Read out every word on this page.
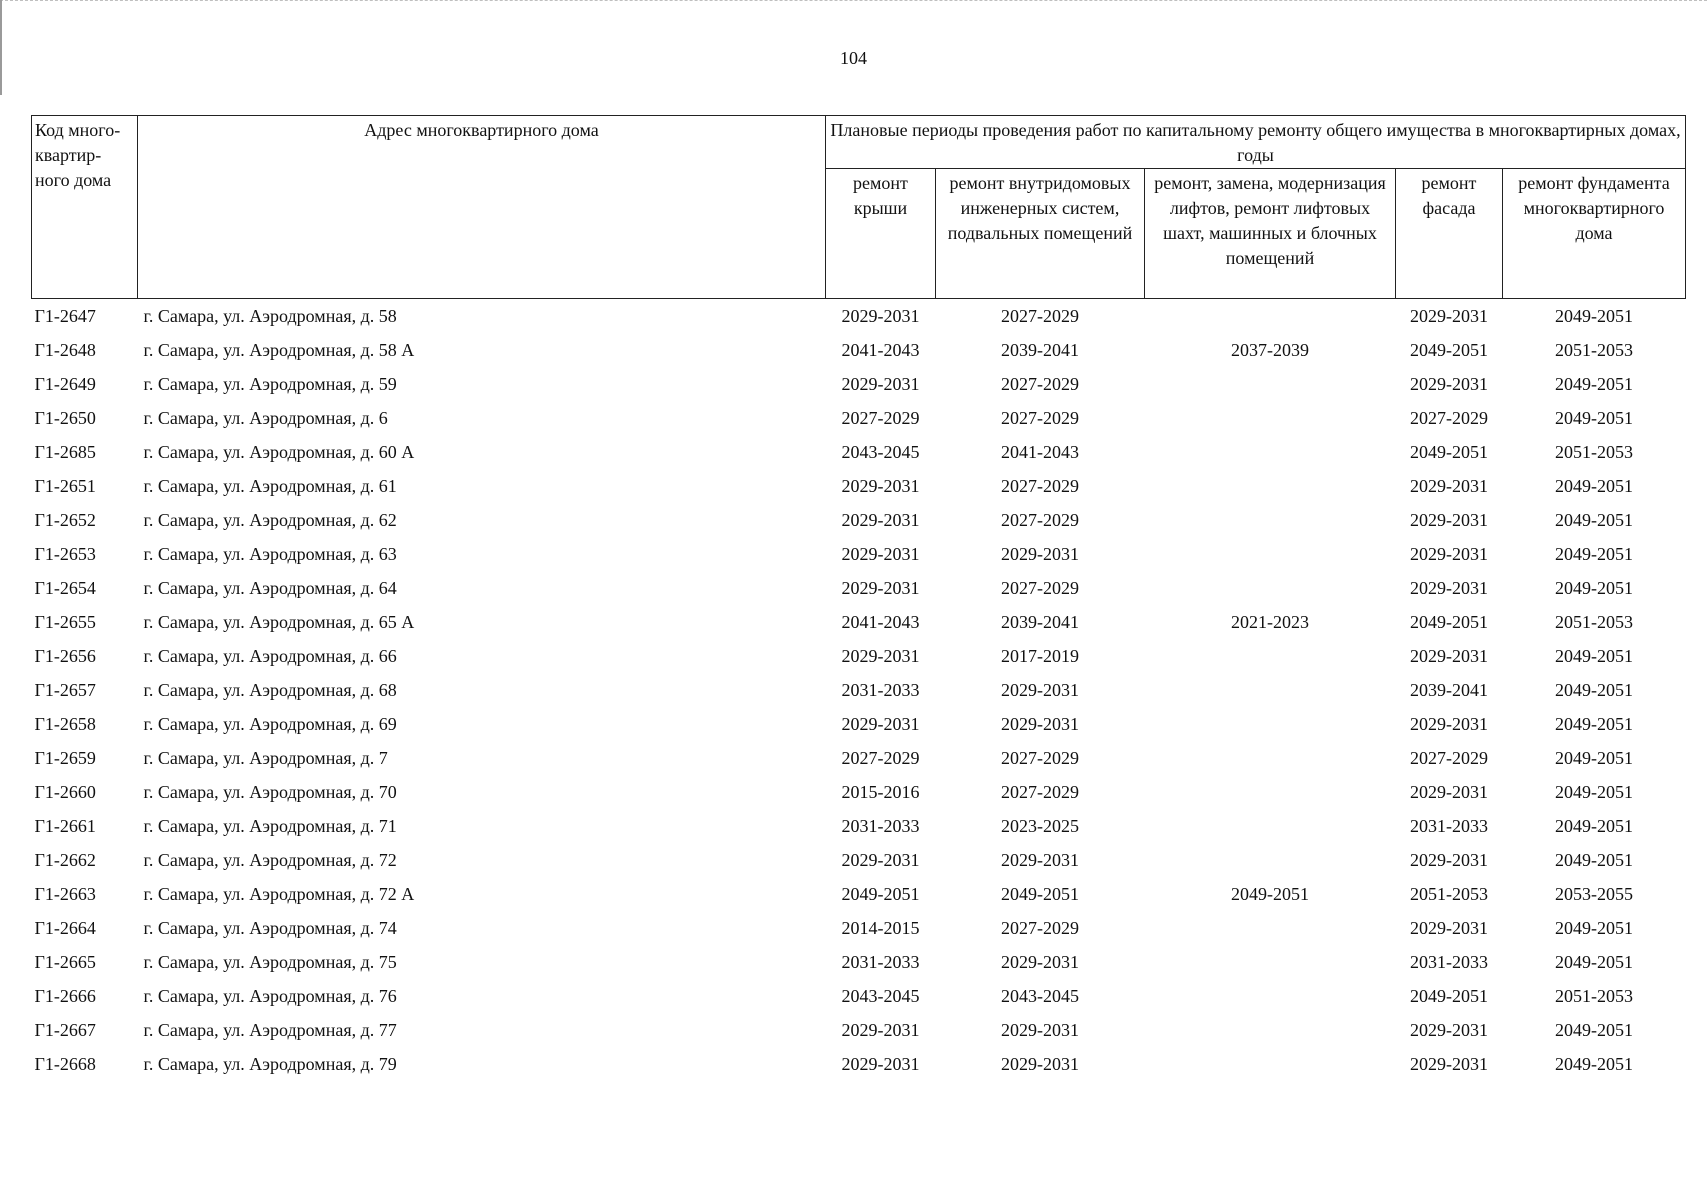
104
Код много-квартир-ного дома	Адрес многоквартирного дома	Плановые периоды проведения работ по капитальному ремонту общего имущества в многоквартирных домах, годы				
		ремонт крыши	ремонт внутридомовых инженерных систем, подвальных помещений	ремонт, замена, модернизация лифтов, ремонт лифтовых шахт, машинных и блочных помещений	ремонт фасада	ремонт фундамента многоквартирного дома
Г1-2647	г. Самара, ул. Аэродромная, д. 58	2029-2031	2027-2029		2029-2031	2049-2051
Г1-2648	г. Самара, ул. Аэродромная, д. 58 А	2041-2043	2039-2041	2037-2039	2049-2051	2051-2053
Г1-2649	г. Самара, ул. Аэродромная, д. 59	2029-2031	2027-2029		2029-2031	2049-2051
Г1-2650	г. Самара, ул. Аэродромная, д. 6	2027-2029	2027-2029		2027-2029	2049-2051
Г1-2685	г. Самара, ул. Аэродромная, д. 60 А	2043-2045	2041-2043		2049-2051	2051-2053
Г1-2651	г. Самара, ул. Аэродромная, д. 61	2029-2031	2027-2029		2029-2031	2049-2051
Г1-2652	г. Самара, ул. Аэродромная, д. 62	2029-2031	2027-2029		2029-2031	2049-2051
Г1-2653	г. Самара, ул. Аэродромная, д. 63	2029-2031	2029-2031		2029-2031	2049-2051
Г1-2654	г. Самара, ул. Аэродромная, д. 64	2029-2031	2027-2029		2029-2031	2049-2051
Г1-2655	г. Самара, ул. Аэродромная, д. 65 А	2041-2043	2039-2041	2021-2023	2049-2051	2051-2053
Г1-2656	г. Самара, ул. Аэродромная, д. 66	2029-2031	2017-2019		2029-2031	2049-2051
Г1-2657	г. Самара, ул. Аэродромная, д. 68	2031-2033	2029-2031		2039-2041	2049-2051
Г1-2658	г. Самара, ул. Аэродромная, д. 69	2029-2031	2029-2031		2029-2031	2049-2051
Г1-2659	г. Самара, ул. Аэродромная, д. 7	2027-2029	2027-2029		2027-2029	2049-2051
Г1-2660	г. Самара, ул. Аэродромная, д. 70	2015-2016	2027-2029		2029-2031	2049-2051
Г1-2661	г. Самара, ул. Аэродромная, д. 71	2031-2033	2023-2025		2031-2033	2049-2051
Г1-2662	г. Самара, ул. Аэродромная, д. 72	2029-2031	2029-2031		2029-2031	2049-2051
Г1-2663	г. Самара, ул. Аэродромная, д. 72 А	2049-2051	2049-2051	2049-2051	2051-2053	2053-2055
Г1-2664	г. Самара, ул. Аэродромная, д. 74	2014-2015	2027-2029		2029-2031	2049-2051
Г1-2665	г. Самара, ул. Аэродромная, д. 75	2031-2033	2029-2031		2031-2033	2049-2051
Г1-2666	г. Самара, ул. Аэродромная, д. 76	2043-2045	2043-2045		2049-2051	2051-2053
Г1-2667	г. Самара, ул. Аэродромная, д. 77	2029-2031	2029-2031		2029-2031	2049-2051
Г1-2668	г. Самара, ул. Аэродромная, д. 79	2029-2031	2029-2031		2029-2031	2049-2051
